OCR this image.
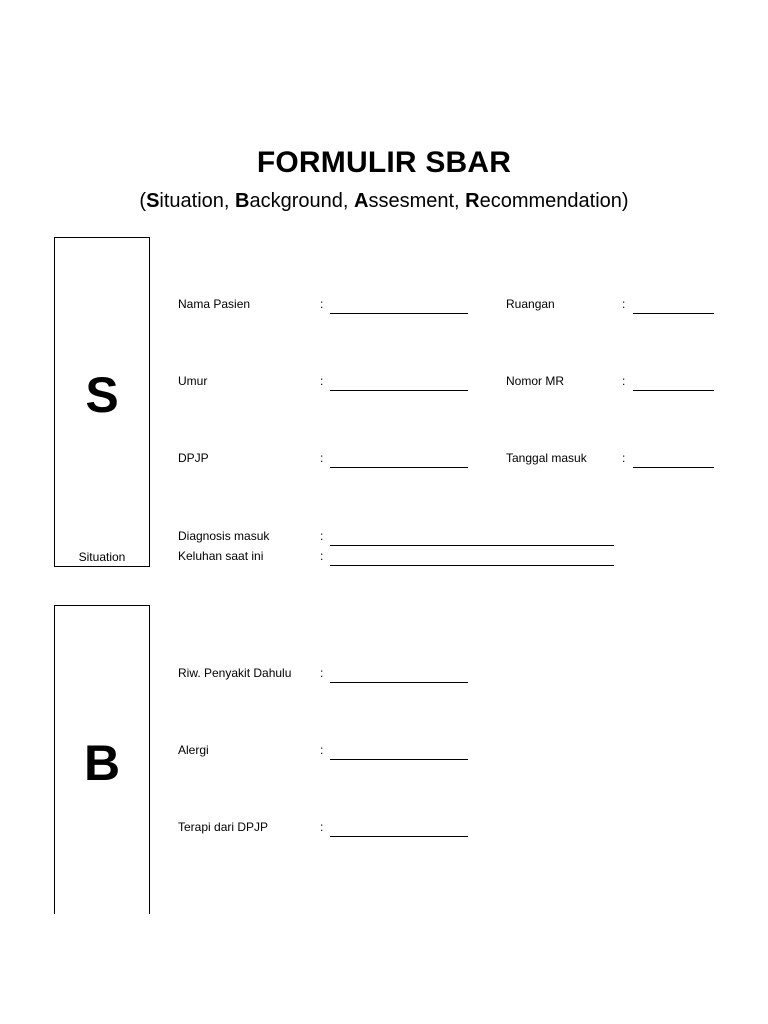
FORMULIR SBAR
(Situation, Background, Assesment, Recommendation)
S
Situation
Nama Pasien	:	Ruangan	:
Umur	:	Nomor MR	:
DPJP	:	Tanggal masuk	:
Diagnosis masuk	:
Keluhan saat ini	:
B
Riw. Penyakit Dahulu :
Alergi	:
Terapi dari DPJP	:
